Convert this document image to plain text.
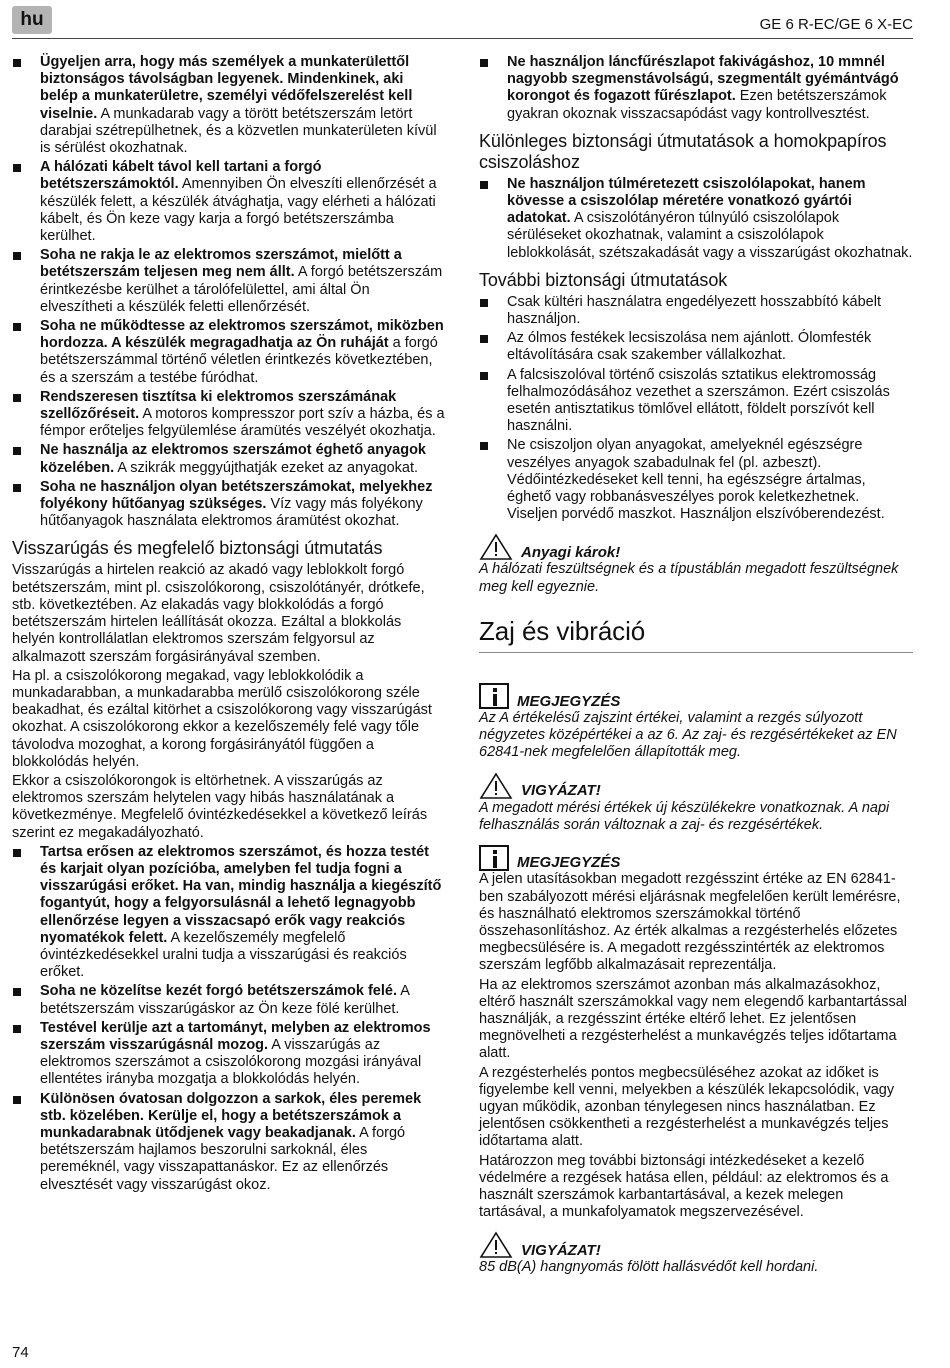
hu	GE 6 R-EC/GE 6 X-EC
Ügyeljen arra, hogy más személyek a munkaterülettől biztonságos távolságban legyenek. Mindenkinek, aki belép a munkaterületre, személyi védőfelszerelést kell viselnie. A munkadarab vagy a törött betétszerszám letört darabjai szétrepülhetnek, és a közvetlen munkaterületen kívül is sérülést okozhatnak.
A hálózati kábelt távol kell tartani a forgó betétszerszámoktól. Amennyiben Ön elveszíti ellenőrzését a készülék felett, a készülék átvághatja, vagy elérheti a hálózati kábelt, és Ön keze vagy karja a forgó betétszerszámba kerülhet.
Soha ne rakja le az elektromos szerszámot, mielőtt a betétszerszám teljesen meg nem állt. A forgó betétszerszám érintkezésbe kerülhet a tárolófelülettel, ami által Ön elveszítheti a készülék feletti ellenőrzését.
Soha ne működtesse az elektromos szerszámot, miközben hordozza. A készülék megragadhatja az Ön ruháját a forgó betétszerszámmal történő véletlen érintkezés következtében, és a szerszám a testébe fúródhat.
Rendszeresen tisztítsa ki elektromos szerszámának szellőzőréseit. A motoros kompresszor port szív a házba, és a fémpor erőteljes felgyülemlése áramütés veszélyét okozhatja.
Ne használja az elektromos szerszámot éghető anyagok közelében. A szikrák meggyújthatják ezeket az anyagokat.
Soha ne használjon olyan betétszerszámokat, melyekhez folyékony hűtőanyag szükséges. Víz vagy más folyékony hűtőanyagok használata elektromos áramütést okozhat.
Visszarúgás és megfelelő biztonsági útmutatás

Visszarúgás a hirtelen reakció az akadó vagy leblokkolt forgó betétszerszám, mint pl. csiszolókorong, csiszolótányér, drótkefe, stb. következtében. Az elakadás vagy blokkolódás a forgó betétszerszám hirtelen leállítását okozza. Ezáltal a blokkolás helyén kontrollálatlan elektromos szerszám felgyorsul az alkalmazott szerszám forgásirányával szemben.

Ha pl. a csiszolókorong megakad, vagy leblokkolódik a munkadarabban, a munkadarabba merülő csiszolókorong széle beakadhat, és ezáltal kitörhet a csiszolókorong vagy visszarúgást okozhat. A csiszolókorong ekkor a kezelőszemély felé vagy tőle távolodva mozoghat, a korong forgásirányától függően a blokkolódás helyén.

Ekkor a csiszolókorongok is eltörhetnek. A visszarúgás az elektromos szerszám helytelen vagy hibás használatának a következménye. Megfelelő óvintézkedésekkel a következő leírás szerint ez megakadályozható.

Tartsa erősen az elektromos szerszámot, és hozza testét és karjait olyan pozícióba, amelyben fel tudja fogni a visszarúgási erőket. Ha van, mindig használja a kiegészítő fogantyút, hogy a felgyorsulásnál a lehető legnagyobb ellenőrzése legyen a visszacsapó erők vagy reakciós nyomatékok felett. A kezelőszemély megfelelő óvintézkedésekkel uralni tudja a visszarúgási és reakciós erőket.
Soha ne közelítse kezét forgó betétszerszámok felé. A betétszerszám visszarúgáskor az Ön keze fölé kerülhet.
Testével kerülje azt a tartományt, melyben az elektromos szerszám visszarúgásnál mozog. A visszarúgás az elektromos szerszámot a csiszolókorong mozgási irányával ellentétes irányba mozgatja a blokkolódás helyén.
Különösen óvatosan dolgozzon a sarkok, éles peremek stb. közelében. Kerülje el, hogy a betétszerszámok a munkadarabnak ütődjenek vagy beakadjanak. A forgó betétszerszám hajlamos beszorulni sarkoknál, éles pereméknél, vagy visszapattanáskor. Ez az ellenőrzés elvesztését vagy visszarúgást okoz.
Ne használjon láncfűrészlapot fakivágáshoz, 10 mmnél nagyobb szegmenstávolságú, szegmentált gyémántvágó korongot és fogazott fűrészlapot. Ezen betétszerszámok gyakran okoznak visszacsapódást vagy kontrollvesztést.
Különleges biztonsági útmutatások a homokpapíros csiszoláshoz
Ne használjon túlméretezett csiszolólapokat, hanem kövesse a csiszolólap méretére vonatkozó gyártói adatokat. A csiszolótányéron túlnyúló csiszolólapok sérüléseket okozhatnak, valamint a csiszolólapok leblokkolását, szétszakadását vagy a visszarúgást okozhatnak.
További biztonsági útmutatások
Csak kültéri használatra engedélyezett hosszabbító kábelt használjon.
Az ólmos festékek lecsiszolása nem ajánlott. Ólomfesték eltávolítására csak szakember vállalkozhat.
A falcsiszolóval történő csiszolás sztatikus elektromosság felhalmozódásához vezethet a szerszámon. Ezért csiszolás esetén antisztatikus tömlővel ellátott, földelt porszívót kell használni.
Ne csiszoljon olyan anyagokat, amelyeknél egészségre veszélyes anyagok szabadulnak fel (pl. azbeszt). Védőintézkedéseket kell tenni, ha egészségre ártalmas, éghető vagy robbanásveszélyes porok keletkezhetnek. Viseljen porvédő maszkot. Használjon elszívóberendezést.
Anyagi károk!

A hálózati feszültségnek és a típustáblán megadott feszültségnek meg kell egyeznie.

Zaj és vibráció
MEGJEGYZÉS

Az A értékelésű zajszint értékei, valamint a rezgés súlyozott négyzetes középértékei a az 6. Az zaj- és rezgésértékeket az EN 62841-nek megfelelően állapították meg.

VIGYÁZAT!

A megadott mérési értékek új készülékekre vonatkoznak. A napi felhasználás során változnak a zaj- és rezgésértékek.

MEGJEGYZÉS

A jelen utasításokban megadott rezgésszint értéke az EN 62841-ben szabályozott mérési eljárásnak megfelelően került lemérésre, és használható elektromos szerszámokkal történő összehasonlításhoz. Az érték alkalmas a rezgésterhelés előzetes megbecsülésére is. A megadott rezgésszintérték az elektromos szerszám legfőbb alkalmazásait reprezentálja.

Ha az elektromos szerszámot azonban más alkalmazásokhoz, eltérő használt szerszámokkal vagy nem elegendő karbantartással használják, a rezgésszint értéke eltérő lehet. Ez jelentősen megnövelheti a rezgésterhelést a munkavégzés teljes időtartama alatt.

A rezgésterhelés pontos megbecsüléséhez azokat az időket is figyelembe kell venni, melyekben a készülék lekapcsolódik, vagy ugyan működik, azonban ténylegesen nincs használatban. Ez jelentősen csökkentheti a rezgésterhelést a munkavégzés teljes időtartama alatt.

Határozzon meg további biztonsági intézkedéseket a kezelő védelmére a rezgések hatása ellen, például: az elektromos és a használt szerszámok karbantartásával, a kezek melegen tartásával, a munkafolyamatok megszervezésével.

VIGYÁZAT!

85 dB(A) hangnyomás fölött hallásvédőt kell hordani.

74
